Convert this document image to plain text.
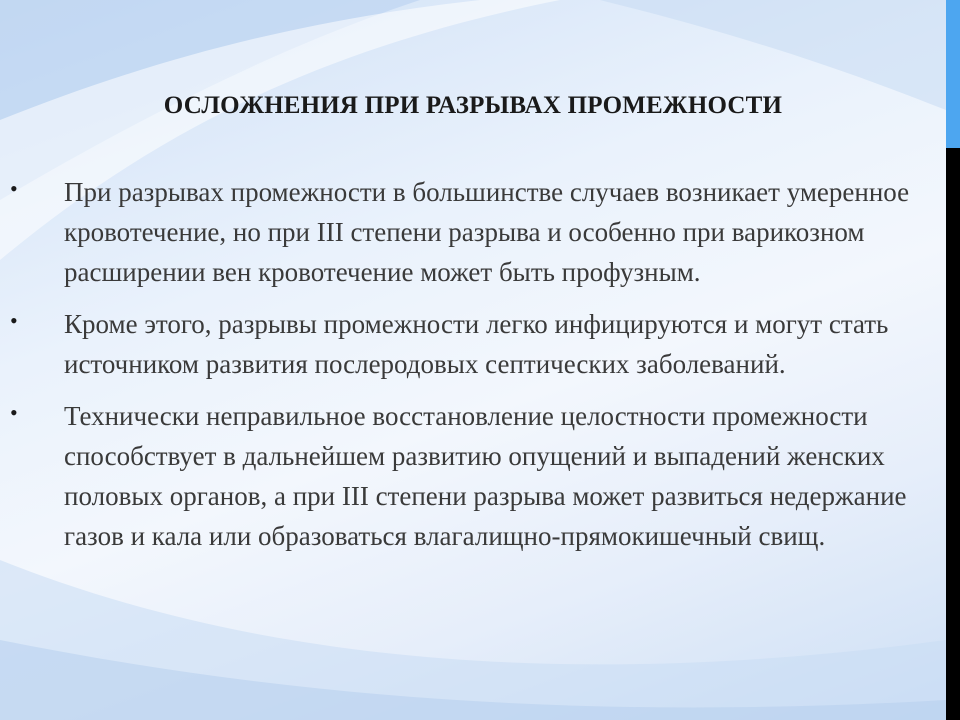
ОСЛОЖНЕНИЯ ПРИ РАЗРЫВАХ ПРОМЕЖНОСТИ
• При разрывах промежности в большинстве случаев возникает умеренное кровотечение, но при III степени разрыва и особенно при варикозном расширении вен кровотечение может быть профузным.
• Кроме этого, разрывы промежности легко инфицируются и могут стать источником развития послеродовых септических заболеваний.
• Технически неправильное восстановление целостности промежности способствует в дальнейшем развитию опущений и выпадений женских половых органов, а при III степени разрыва может развиться недержание газов и кала или образоваться влагалищно-прямокишечный свищ.
